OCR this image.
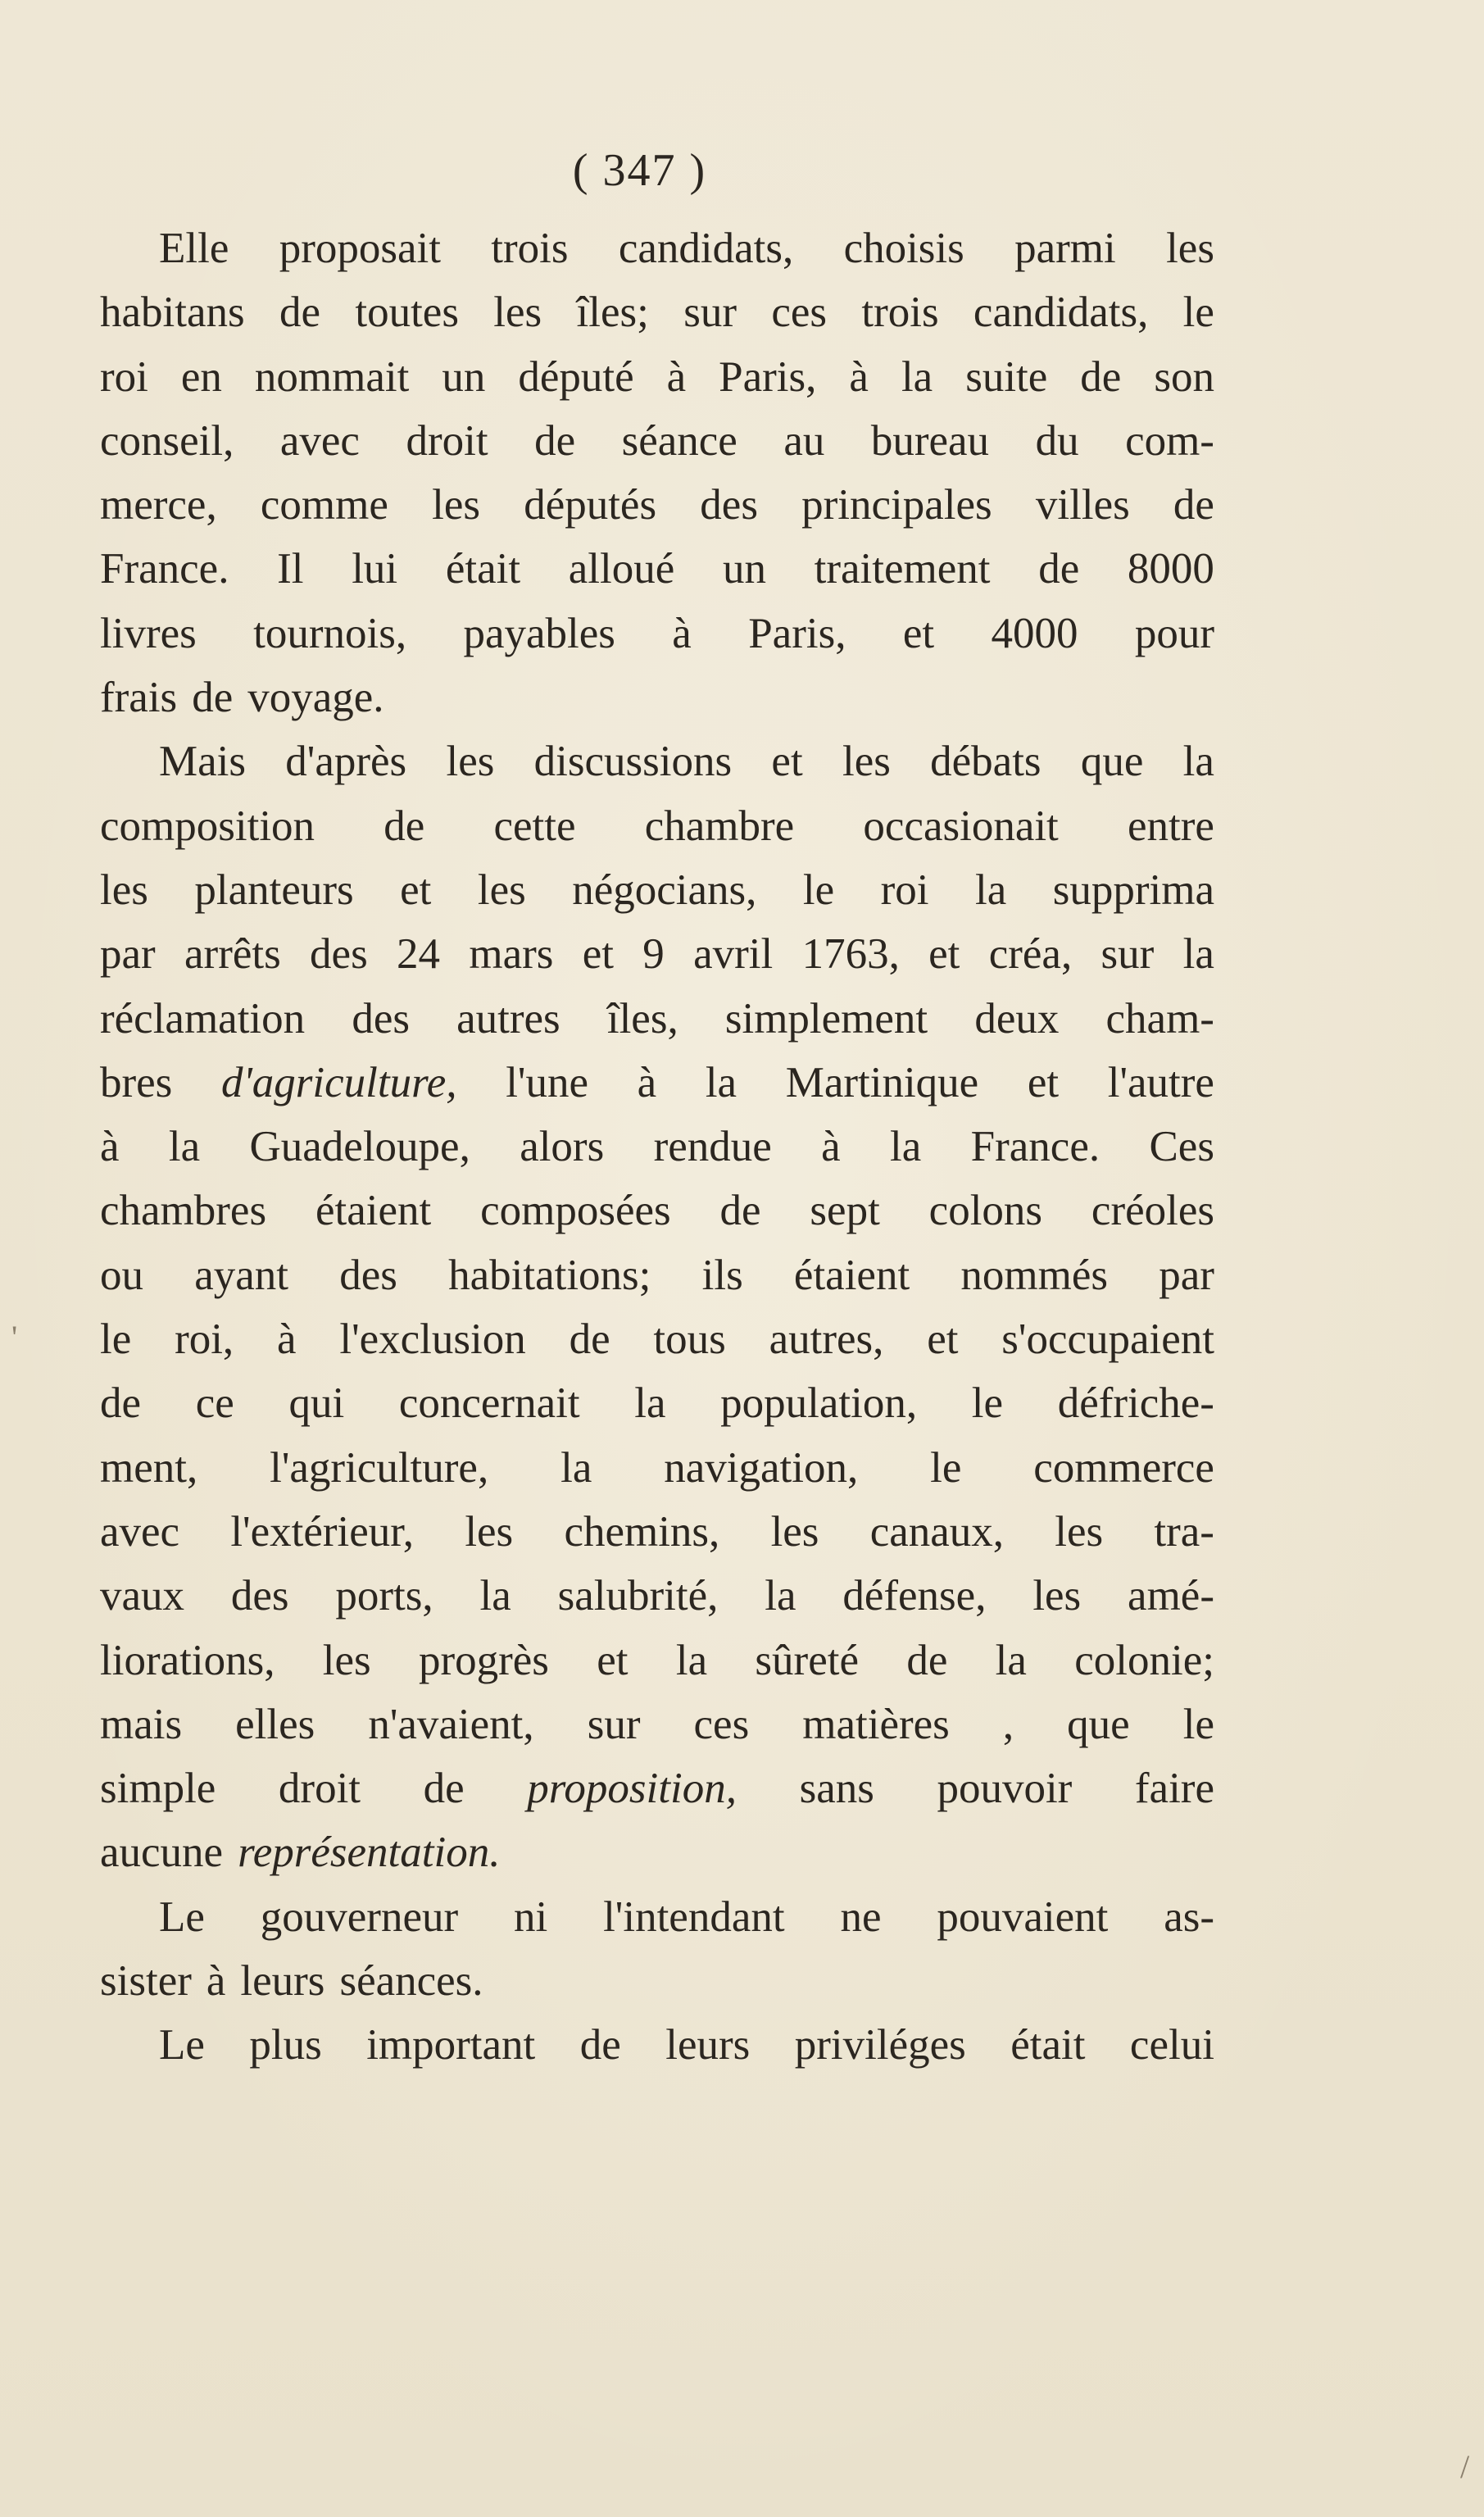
( 347 )
Elle proposait trois candidats, choisis parmi les
habitans de toutes les îles; sur ces trois candidats, le
roi en nommait un député à Paris, à la suite de son
conseil, avec droit de séance au bureau du com-
merce, comme les députés des principales villes de
France. Il lui était alloué un traitement de 8000
livres tournois, payables à Paris, et 4000 pour
frais de voyage.
Mais d'après les discussions et les débats que la
composition de cette chambre occasionait entre
les planteurs et les négocians, le roi la supprima
par arrêts des 24 mars et 9 avril 1763, et créa, sur la
réclamation des autres îles, simplement deux cham-
bres d'agriculture, l'une à la Martinique et l'autre
à la Guadeloupe, alors rendue à la France. Ces
chambres étaient composées de sept colons créoles
ou ayant des habitations; ils étaient nommés par
le roi, à l'exclusion de tous autres, et s'occupaient
de ce qui concernait la population, le défriche-
ment, l'agriculture, la navigation, le commerce
avec l'extérieur, les chemins, les canaux, les tra-
vaux des ports, la salubrité, la défense, les amé-
liorations, les progrès et la sûreté de la colonie;
mais elles n'avaient, sur ces matières , que le
simple droit de proposition, sans pouvoir faire
aucune représentation.
Le gouverneur ni l'intendant ne pouvaient as-
sister à leurs séances.
Le plus important de leurs priviléges était celui
'
/
